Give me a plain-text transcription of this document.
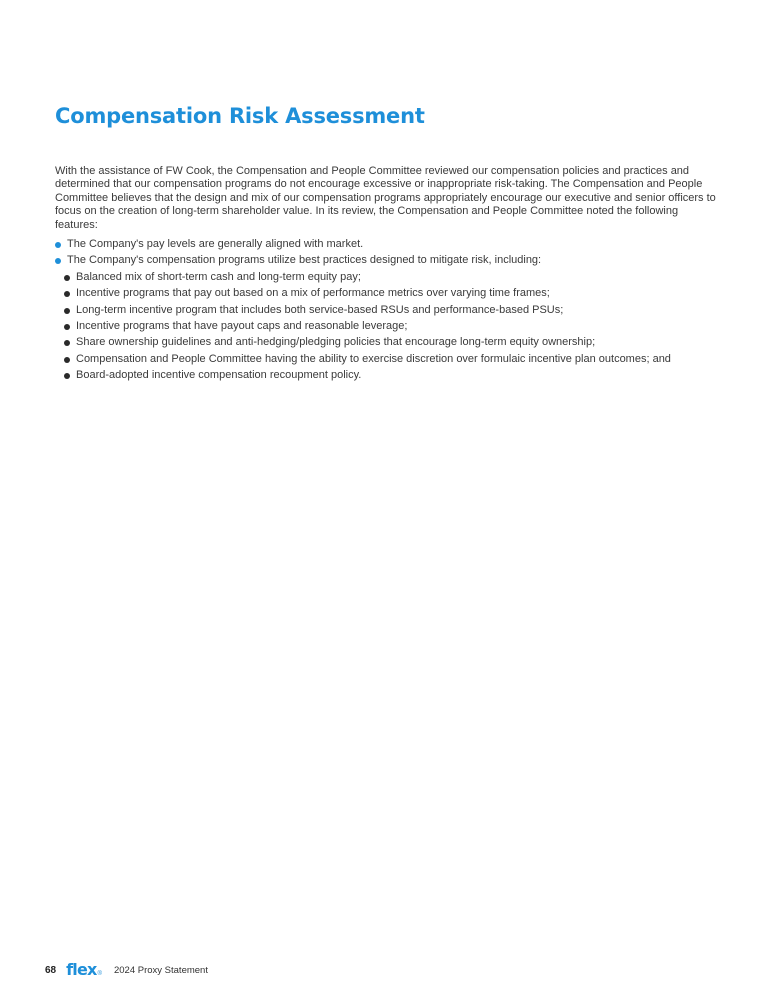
Compensation Risk Assessment

With the assistance of FW Cook, the Compensation and People Committee reviewed our compensation policies and practices and determined that our compensation programs do not encourage excessive or inappropriate risk-taking. The Compensation and People Committee believes that the design and mix of our compensation programs appropriately encourage our executive and senior officers to focus on the creation of long-term shareholder value. In its review, the Compensation and People Committee noted the following features:

The Company's pay levels are generally aligned with market.
The Company's compensation programs utilize best practices designed to mitigate risk, including:
Balanced mix of short-term cash and long-term equity pay;
Incentive programs that pay out based on a mix of performance metrics over varying time frames;
Long-term incentive program that includes both service-based RSUs and performance-based PSUs;
Incentive programs that have payout caps and reasonable leverage;
Share ownership guidelines and anti-hedging/pledging policies that encourage long-term equity ownership;
Compensation and People Committee having the ability to exercise discretion over formulaic incentive plan outcomes; and
Board-adopted incentive compensation recoupment policy.
68 flex ® 2024 Proxy Statement
